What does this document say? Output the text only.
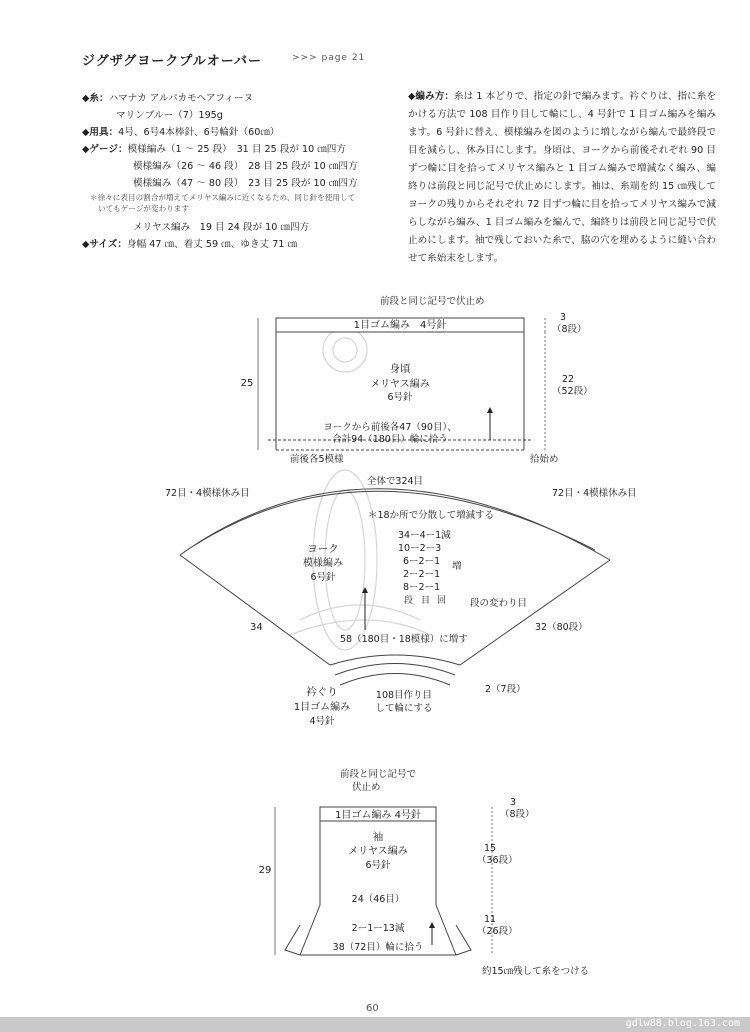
ジグザグヨークプルオーバー	>>> page 21
◆糸：ハマナカ アルパカモヘアフィーヌ
マリンブルー（7）195g
◆用具：4号、6号4本棒針、6号輪針（60㎝）
◆ゲージ：模様編み（1 ～ 25 段）　31 目 25 段が 10 ㎝四方
模様編み（26 ～ 46 段）　28 目 25 段が 10 ㎝四方
模様編み（47 ～ 80 段）　23 目 25 段が 10 ㎝四方
＊徐々に表目の割合が増えてメリヤス編みに近くなるため、同じ針を使用して
いてもゲージが変わります
メリヤス編み　19 目 24 段が 10 ㎝四方
◆サイズ：身幅 47 ㎝、着丈 59 ㎝、ゆき丈 71 ㎝
◆編み方：糸は 1 本どりで、指定の針で編みます。衿ぐりは、指に糸をかける方法で 108 目作り目して輪にし、4 号針で 1 目ゴム編みを編みます。6 号針に替え、模様編みを図のように増しながら編んで最終段で目を減らし、休み目にします。身頃は、ヨークから前後それぞれ 90 目ずつ輪に目を拾ってメリヤス編みと 1 目ゴム編みで増減なく編み、編終りは前段と同じ記号で伏止めにします。袖は、糸端を約 15 ㎝残してヨークの残りからそれぞれ 72 目ずつ輪に目を拾ってメリヤス編みで減らしながら編み、1 目ゴム編みを編んで、編終りは前段と同じ記号で伏止めにします。袖で残しておいた糸で、脇の穴を埋めるように縫い合わせて糸始末をします。
前段と同じ記号で伏止め
1目ゴム編み　4号針
身頃
メリヤス編み
6号針
25
3
（8段）
22
（52段）
ヨークから前後各47（90目）、
合計94（180目）輪に拾う
拾始め
前後各5模様
全体で324目
72目・4模様休み目	72目・4模様休み目
＊18か所で分散して増減する
34ー4ー1減
10ー2ー3
6ー2ー1
2ー2ー1
8ー2ー1
段 目 回
増
ヨーク
模様編み
6号針
段の変わり目
34	32（80段）
58（180目・18模様）に増す
2（7段）
衿ぐり
1目ゴム編み
4号針
108目作り目
して輪にする
前段と同じ記号で
伏止め
1目ゴム編み 4号針
袖
メリヤス編み
6号針
29
3
（8段）
15
（36段）
11
（26段）
24（46目）
2ー1ー13減
38（72目）輪に拾う
約15㎝残して糸をつける
60
gdlw88.blog.163.com
